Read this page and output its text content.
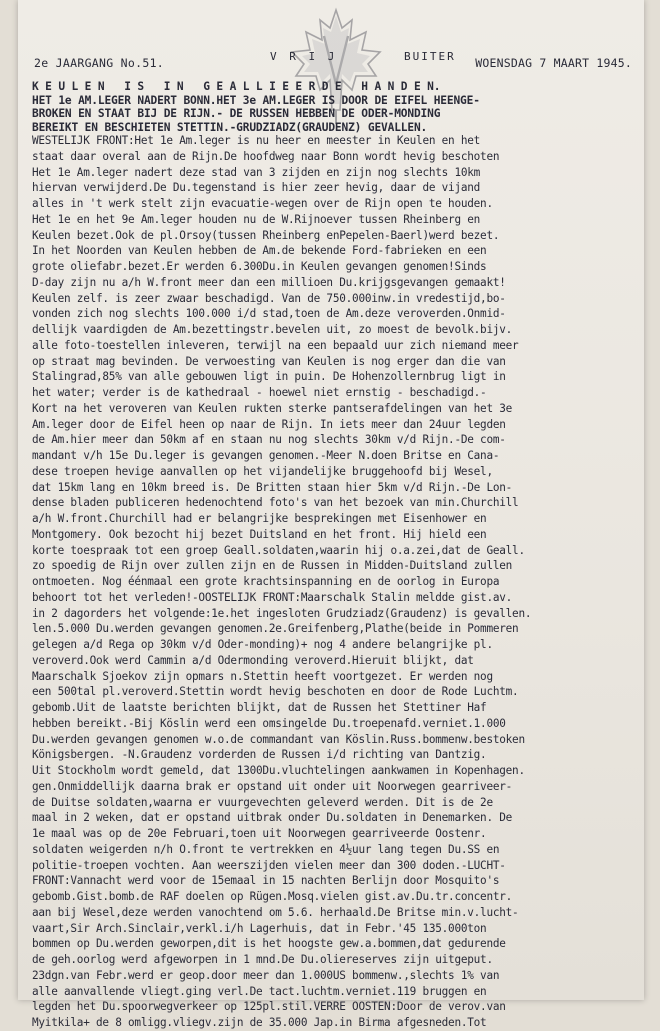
2e JAARGANG No.51.	V R I J	BUITER WOENSDAG 7 MAART 1945.
K E U L E N   I S   I N   G E A L L I E E R D E   H A N D E N.
HET 1e AM.LEGER NADERT BONN.HET 3e AM.LEGER IS DOOR DE EIFEL HEENGE-
BROKEN EN STAAT BIJ DE RIJN.- DE RUSSEN HEBBEN DE ODER-MONDING
BEREIKT EN BESCHIETEN STETTIN.-GRUDZIADZ(GRAUDENZ) GEVALLEN.
WESTELIJK FRONT:Het 1e Am.leger is nu heer en meester in Keulen en het
staat daar overal aan de Rijn.De hoofdweg naar Bonn wordt hevig beschoten
Het 1e Am.leger nadert deze stad van 3 zijden en zijn nog slechts 10km
hiervan verwijderd.De Du.tegenstand is hier zeer hevig, daar de vijand
alles in 't werk stelt zijn evacuatie-wegen over de Rijn open te houden.
Het 1e en het 9e Am.leger houden nu de W.Rijnoever tussen Rheinberg en
Keulen bezet.Ook de pl.Orsoy(tussen Rheinberg enPepelen-Baerl)werd bezet.
In het Noorden van Keulen hebben de Am.de bekende Ford-fabrieken en een
grote oliefabr.bezet.Er werden 6.300Du.in Keulen gevangen genomen!Sinds
D-day zijn nu a/h W.front meer dan een millioen Du.krijgsgevangen gemaakt!
Keulen zelf. is zeer zwaar beschadigd. Van de 750.000inw.in vredestijd,bo-
vonden zich nog slechts 100.000 i/d stad,toen de Am.deze veroverden.Onmid-
dellijk vaardigden de Am.bezettingstr.bevelen uit, zo moest de bevolk.bijv.
alle foto-toestellen inleveren, terwijl na een bepaald uur zich niemand meer
op straat mag bevinden. De verwoesting van Keulen is nog erger dan die van
Stalingrad,85% van alle gebouwen ligt in puin. De Hohenzollernbrug ligt in
het water; verder is de kathedraal - hoewel niet ernstig - beschadigd.-
Kort na het veroveren van Keulen rukten sterke pantserafdelingen van het 3e
Am.leger door de Eifel heen op naar de Rijn. In iets meer dan 24uur legden
de Am.hier meer dan 50km af en staan nu nog slechts 30km v/d Rijn.-De com-
mandant v/h 15e Du.leger is gevangen genomen.-Meer N.doen Britse en Cana-
dese troepen hevige aanvallen op het vijandelijke bruggehoofd bij Wesel,
dat 15km lang en 10km breed is. De Britten staan hier 5km v/d Rijn.-De Lon-
dense bladen publiceren hedenochtend foto's van het bezoek van min.Churchill
a/h W.front.Churchill had er belangrijke besprekingen met Eisenhower en
Montgomery. Ook bezocht hij bezet Duitsland en het front. Hij hield een
korte toespraak tot een groep Geall.soldaten,waarin hij o.a.zei,dat de Geall.
zo spoedig de Rijn over zullen zijn en de Russen in Midden-Duitsland zullen
ontmoeten. Nog éénmaal een grote krachtsinspanning en de oorlog in Europa
behoort tot het verleden!-OOSTELIJK FRONT:Maarschalk Stalin meldde gist.av.
in 2 dagorders het volgende:1e.het ingesloten Grudziadz(Graudenz) is gevallen.
len.5.000 Du.werden gevangen genomen.2e.Greifenberg,Plathe(beide in Pommeren
gelegen a/d Rega op 30km v/d Oder-monding)+ nog 4 andere belangrijke pl.
veroverd.Ook werd Cammin a/d Odermonding veroverd.Hieruit blijkt, dat
Maarschalk Sjoekov zijn opmars n.Stettin heeft voortgezet. Er werden nog
een 500tal pl.veroverd.Stettin wordt hevig beschoten en door de Rode Luchtm.
gebomb.Uit de laatste berichten blijkt, dat de Russen het Stettiner Haf
hebben bereikt.-Bij Köslin werd een omsingelde Du.troepenafd.verniet.1.000
Du.werden gevangen genomen w.o.de commandant van Köslin.Russ.bommenw.bestoken
Königsbergen. -N.Graudenz vorderden de Russen i/d richting van Dantzig.
Uit Stockholm wordt gemeld, dat 1300Du.vluchtelingen aankwamen in Kopenhagen.
gen.Onmiddellijk daarna brak er opstand uit onder uit Noorwegen gearriveer-
de Duitse soldaten,waarna er vuurgevechten geleverd werden. Dit is de 2e
maal in 2 weken, dat er opstand uitbrak onder Du.soldaten in Denemarken. De
1e maal was op de 20e Februari,toen uit Noorwegen gearriveerde Oostenr.
soldaten weigerden n/h O.front te vertrekken en 4½uur lang tegen Du.SS en
politie-troepen vochten. Aan weerszijden vielen meer dan 300 doden.-LUCHT-
FRONT:Vannacht werd voor de 15emaal in 15 nachten Berlijn door Mosquito's
gebomb.Gist.bomb.de RAF doelen op Rügen.Mosq.vielen gist.av.Du.tr.concentr.
aan bij Wesel,deze werden vanochtend om 5.6. herhaald.De Britse min.v.lucht-
vaart,Sir Arch.Sinclair,verkl.i/h Lagerhuis, dat in Febr.'45 135.000ton
bommen op Du.werden geworpen,dit is het hoogste gew.a.bommen,dat gedurende
de geh.oorlog werd afgeworpen in 1 mnd.De Du.oliereserves zijn uitgeput.
23dgn.van Febr.werd er geop.door meer dan 1.000US bommenw.,slechts 1% van
alle aanvallende vliegt.ging verl.De tact.luchtm.verniet.119 bruggen en
legden het Du.spoorwegverkeer op 125pl.stil.VERRE OOSTEN:Door de verov.van
Myitkila+ de 8 omligg.vliegv.zijn de 35.000 Jap.in Birma afgesneden.Tot
